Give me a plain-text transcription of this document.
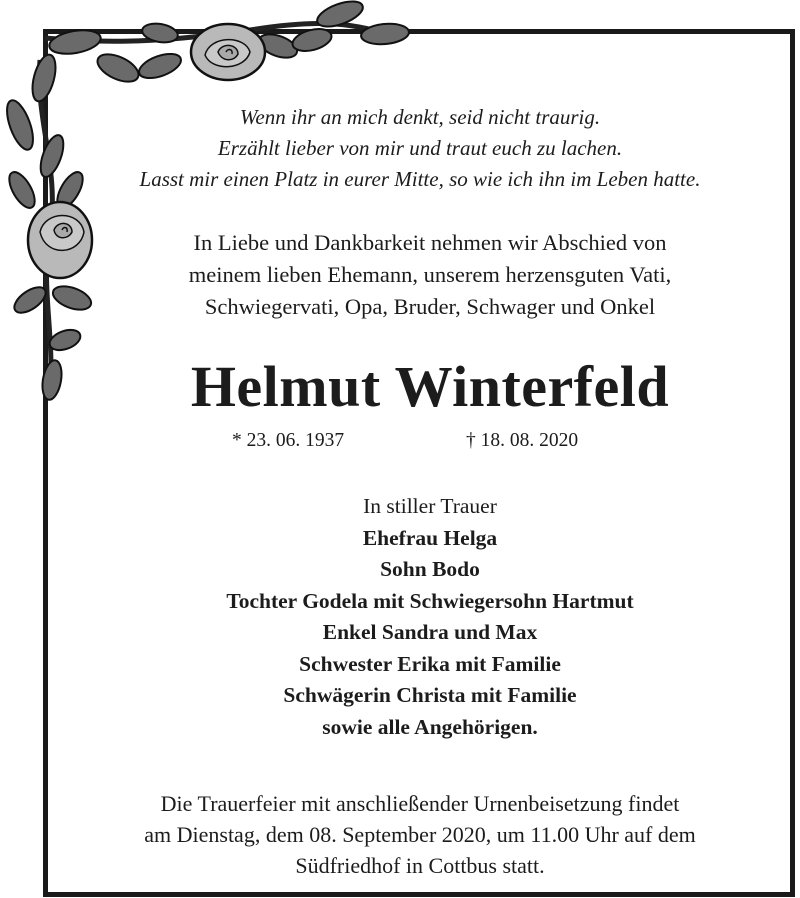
Wenn ihr an mich denkt, seid nicht traurig.
Erzählt lieber von mir und traut euch zu lachen.
Lasst mir einen Platz in eurer Mitte, so wie ich ihn im Leben hatte.
In Liebe und Dankbarkeit nehmen wir Abschied von
meinem lieben Ehemann, unserem herzensguten Vati,
Schwiegervati, Opa, Bruder, Schwager und Onkel
Helmut Winterfeld
* 23. 06. 1937	† 18. 08. 2020
In stiller Trauer
Ehefrau Helga
Sohn Bodo
Tochter Godela mit Schwiegersohn Hartmut
Enkel Sandra und Max
Schwester Erika mit Familie
Schwägerin Christa mit Familie
sowie alle Angehörigen.
Die Trauerfeier mit anschließender Urnenbeisetzung findet
am Dienstag, dem 08. September 2020, um 11.00 Uhr auf dem
Südfriedhof in Cottbus statt.
